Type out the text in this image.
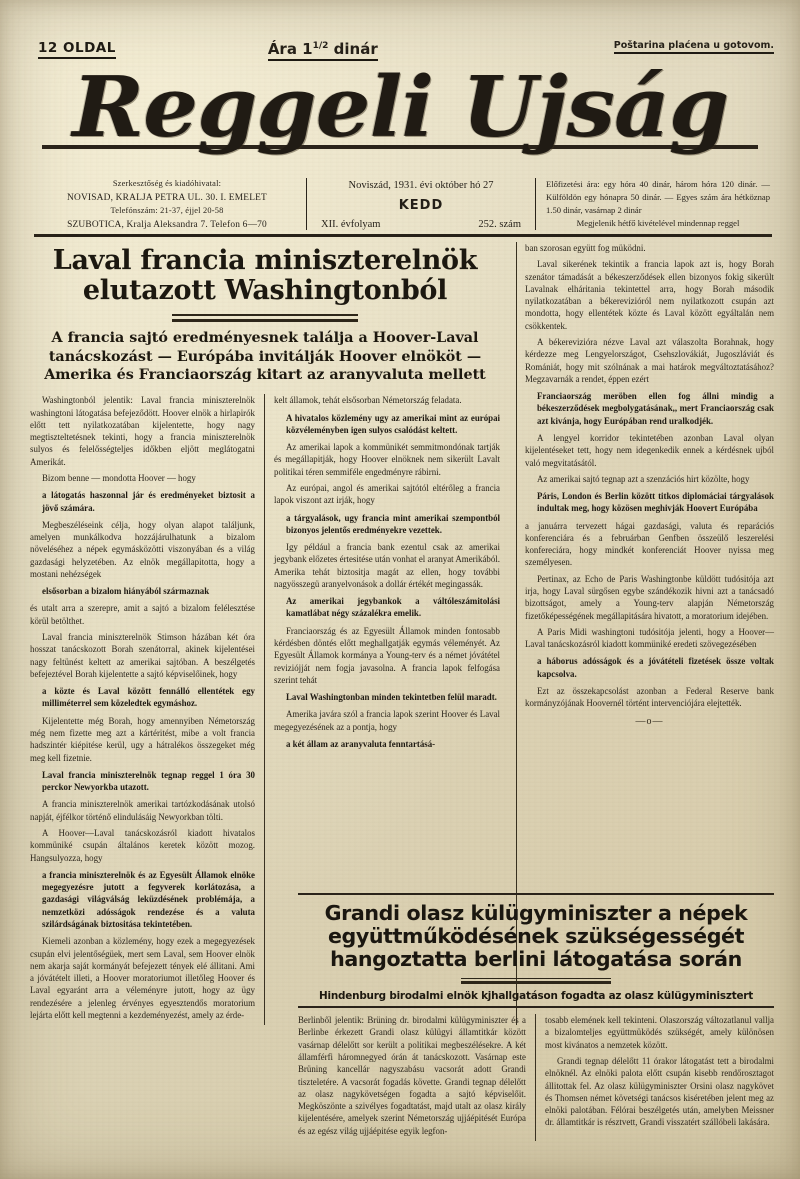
12 OLDAL	Ára $1^{1/2}$ dinár	Poštarina plaćena u gotovom.
Reggeli Ujság
Szerkesztőség és kiadóhivatal:
NOVISAD, KRALJA PETRA UL. 30. I. EMELET
Telefónszám: 21-37, éjjel 20-58
SZUBOTICA, Kralja Aleksandra 7. Telefon 6—70
Noviszád, 1931. évi október hó 27
KEDD
XII. évfolyam	252. szám
Előfizetési ára: egy hóra 40 dinár, három hóra 120 dinár. — Külföldön egy hónapra 50 dinár. — Egyes szám ára hétköznap 1.50 dinár, vasárnap 2 dinár
Megjelenik hétfő kivételével mindennap reggel
Laval francia miniszterelnök elutazott Washingtonból
A francia sajtó eredményesnek találja a Hoover-Laval tanácskozást — Európába invitálják Hoover elnököt — Amerika és Franciaország kitart az aranyvaluta mellett

Washingtonból jelentik: Laval francia miniszterelnök washingtoni látogatása befejeződött. Hoover elnök a hirlapirók előtt tett nyilatkozatában kijelentette, hogy nagy megtiszteltetésnek tekinti, hogy a francia miniszterelnök sulyos és felelősségteljes időkben eljött meglátogatni Amerikát.

Bizom benne — mondotta Hoover — hogy

a látogatás haszonnal jár és eredményeket biztosit a jövő számára.

Megbeszéléseink célja, hogy olyan alapot találjunk, amelyen munkálkodva hozzájárulhatunk a bizalom növeléséhez a népek egymásközötti viszonyában és a világ gazdasági helyzetében. Az elnök megállapitotta, hogy a mostani nehézségek

elsősorban a bizalom hiányából származnak

és utalt arra a szerepre, amit a sajtó a bizalom felélesztése körül betölthet.

Laval francia miniszterelnök Stimson házában két óra hosszat tanácskozott Borah szenátorral, akinek kijelentései nagy feltünést keltett az amerikai sajtóban. A beszélgetés befejeztével Borah kijelentette a sajtó képviselőinek, hogy

a közte és Laval között fennálló ellentétek egy milliméterrel sem közeledtek egymáshoz.

Kijelentette még Borah, hogy amennyiben Németország még nem fizette meg azt a kártéritést, mibe a volt francia hadszintér kiépitése kerül, ugy a hátralékos összegeket még meg kell fizetnie.

Laval francia miniszterelnök tegnap reggel 1 óra 30 perckor Newyorkba utazott.

A francia miniszterelnök amerikai tartózkodásának utolsó napját, éjfélkor történő elindulásáig Newyorkban tölti.

A Hoover—Laval tanácskozásról kiadott hivatalos kommüniké csupán általános keretek között mozog. Hangsulyozza, hogy

a francia miniszterelnök és az Egyesült Államok elnöke megegyezésre jutott a fegyverek korlátozása, a gazdasági világválság leküzdésének problémája, a nemzetközi adósságok rendezése és a valuta szilárdságának biztositása tekintetében.

Kiemeli azonban a közlemény, hogy ezek a megegyezések csupán elvi jelentőségüek, mert sem Laval, sem Hoover elnök nem akarja saját kormányát befejezett tények elé állitani. Ami a jóvátételt illeti, a Hoover moratoriumot illetőleg Hoover és Laval egyaránt arra a véleményre jutott, hogy az ügy rendezésére a jelenleg érvényes egyesztendős moratorium lejárta előtt kell megtenni a kezdeményezést, amely az érde-

kelt államok, tehát elsősorban Németország feladata.

A hivatalos közlemény ugy az amerikai mint az európai közvéleményben igen sulyos csalódást keltett.

Az amerikai lapok a kommünikét semmitmondónak tartják és megállapitják, hogy Hoover elnöknek nem sikerült Lavalt politikai téren semmiféle engedményre rábirni.

Az európai, angol és amerikai sajtótól eltérőleg a francia lapok viszont azt irják, hogy

a tárgyalások, ugy francia mint amerikai szempontból bizonyos jelentős eredményekre vezettek.

Igy például a francia bank ezentul csak az amerikai jegybank előzetes értesitése után vonhat el aranyat Amerikából. Amerika tehát biztositja magát az ellen, hogy további nagyösszegü aranyelvonások a dollár értékét megingassák.

Az amerikai jegybankok a váltóleszámitolási kamatlábat négy százalékra emelik.

Franciaország és az Egyesült Államok minden fontosabb kérdésben döntés előtt meghallgatják egymás véleményét. Az Egyesült Államok kormánya a Young-terv és a német jóvátétel reviziójját nem fogja javasolna. A francia lapok felfogása szerint tehát

Laval Washingtonban minden tekintetben felül maradt.

Amerika javára szól a francia lapok szerint Hoover és Laval megegyezésének az a pontja, hogy

a két állam az aranyvaluta fenntartásá-

ban szorosan együtt fog müködni.

Laval sikerének tekintik a francia lapok azt is, hogy Borah szenátor támadását a békeszerződések ellen bizonyos fokig sikerült Lavalnak elháritania tekintettel arra, hogy Borah második nyilatkozatában a békerevizióról nem nyilatkozott csupán azt mondotta, hogy ellentétek közte és Laval között egyáltalán nem csökkentek.

A békerevizióra nézve Laval azt válaszolta Borahnak, hogy kérdezze meg Lengyelországot, Csehszlovákiát, Jugoszláviát és Romániát, hogy mit szólnának a mai határok megváltoztatásához? Megzavarnák a rendet, éppen ezért

Franciaország meröben ellen fog állni mindig a békeszerződések megbolygatásának,, mert Franciaország csak azt kivánja, hogy Európában rend uralkodjék.

A lengyel korridor tekintetében azonban Laval olyan kijelentéseket tett, hogy nem idegenkedik ennek a kérdésnek ujból való megvitatásától.

Az amerikai sajtó tegnap azt a szenzációs hirt közölte, hogy

Páris, London és Berlin között titkos diplomáciai tárgyalások indultak meg, hogy közösen meghivják Hoovert Európába

a januárra tervezett hágai gazdasági, valuta és reparációs konferenciára és a februárban Genfben összeülő leszerelési konfereciára, hogy mindkét konferenciát Hoover nyissa meg személyesen.

Pertinax, az Echo de Paris Washingtonbe küldött tudósitója azt irja, hogy Laval sürgősen egybe szándékozik hivni azt a tanácsadó bizottságot, amely a Young-terv alapján Németország fizetőképességének megállapitására hivatott, a moratorium idejében.

A Paris Midi washingtoni tudósitója jelenti, hogy a Hoover—Laval tanácskozásról kiadott kommüniké eredeti szövegezésében

a háborus adósságok és a jóvátételi fizetések össze voltak kapcsolva.

Ezt az összekapcsolást azonban a Federal Reserve bank kormányzójának Hoovernél történt intervenciójára elejtették.

—o—
Grandi olasz külügyminiszter a népek együttműködésének szükségességét hangoztatta berlini látogatása során
Hindenburg birodalmi elnök kjhallgatáson fogadta az olasz külügyminisztert

Berlinből jelentik: Brüning dr. birodalmi külügyminiszter és a Berlinbe érkezett Grandi olasz külügyi államtitkár között vasárnap délelőtt sor került a politikai megbeszélésekre. A két államférfi háromnegyed órán át tanácskozott. Vasárnap este Brüning kancellár nagyszabásu vacsorát adott Grandi tiszteletére. A vacsorát fogadás követte. Grandi tegnap délelőtt az olasz nagykövetségen fogadta a sajtó képviselőit. Megköszönte a szivélyes fogadtatást, majd utalt az olasz király kijelentésére, amelyek szerint Németország ujjáépitését Európa és az egész világ ujjáépitése egyik legfon-

tosabb elemének kell tekinteni. Olaszország változatlanul vallja a bizalomteljes együttmüködés szükségét, amely különösen most kivánatos a nemzetek között.

Grandi tegnap délelőtt 11 órakor látogatást tett a birodalmi elnöknél. Az elnöki palota előtt csupán kisebb rendőrosztagot állitottak fel. Az olasz külügyminiszter Orsini olasz nagykövet és Thomsen német követségi tanácsos kiséretében jelent meg az elnöki palotában. Félórai beszélgetés után, amelyben Meissner dr. államtitkár is résztvett, Grandi visszatért szállóbeli lakására.
